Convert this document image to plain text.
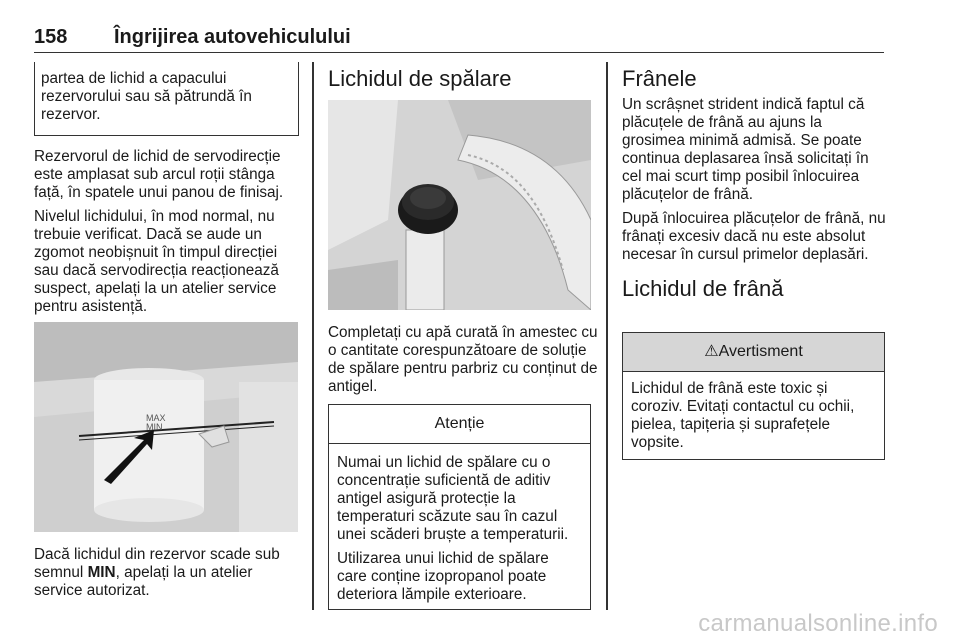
158 Îngrijirea autovehiculului

partea de lichid a capacului rezervorului sau să pătrundă în rezervor.

Rezervorul de lichid de servodirecție este amplasat sub arcul roții stânga față, în spatele unui panou de finisaj.

Nivelul lichidului, în mod normal, nu trebuie verificat. Dacă se aude un zgomot neobișnuit în timpul direcției sau dacă servodirecția reacționează suspect, apelați la un atelier service pentru asistență.

MAX
MIN

Dacă lichidul din rezervor scade sub semnul MIN, apelați la un atelier service autorizat.

Lichidul de spălare

Completați cu apă curată în amestec cu o cantitate corespunzătoare de soluție de spălare pentru parbriz cu conținut de antigel.

Atenție

Numai un lichid de spălare cu o concentrație suficientă de aditiv antigel asigură protecție la temperaturi scăzute sau în cazul unei scăderi bruște a temperaturii.

Utilizarea unui lichid de spălare care conține izopropanol poate deteriora lămpile exterioare.

Frânele

Un scrâșnet strident indică faptul că plăcuțele de frână au ajuns la grosimea minimă admisă. Se poate continua deplasarea însă solicitați în cel mai scurt timp posibil înlocuirea plăcuțelor de frână.

După înlocuirea plăcuțelor de frână, nu frânați excesiv dacă nu este absolut necesar în cursul primelor deplasări.

Lichidul de frână
⚠Avertisment

Lichidul de frână este toxic și coroziv. Evitați contactul cu ochii, pielea, tapițeria și suprafețele vopsite.

carmanualsonline.info
